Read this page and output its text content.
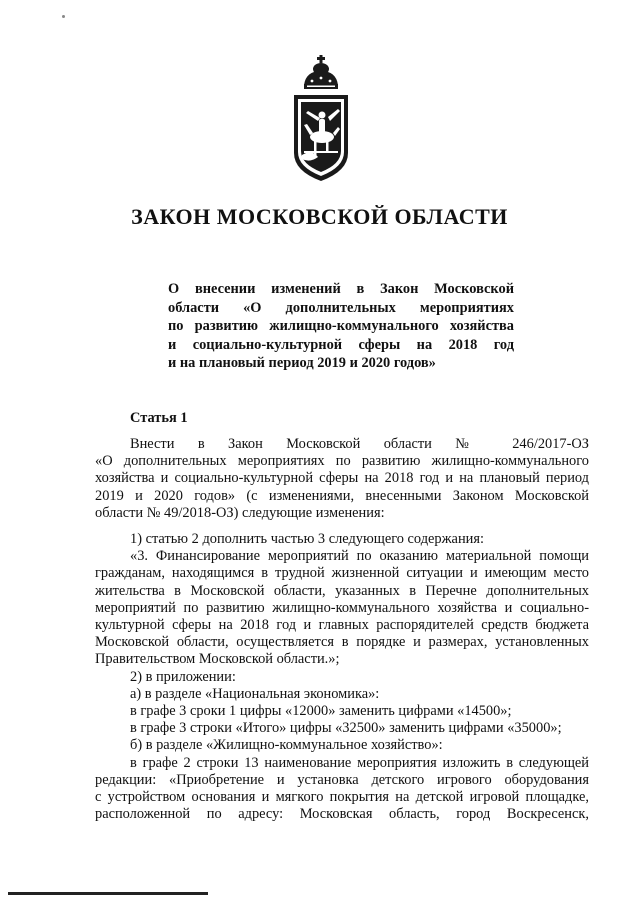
ЗАКОН МОСКОВСКОЙ ОБЛАСТИ
О внесении изменений в Закон Московской
области «О дополнительных мероприятиях
по развитию жилищно-коммунального хозяйства
и социально-культурной сферы на 2018 год
и на плановый период 2019 и 2020 годов»
Статья 1
Внести в Закон Московской области № 246/2017-ОЗ
«О дополнительных мероприятиях по развитию жилищно-коммунального
хозяйства и социально-культурной сферы на 2018 год и на плановый период
2019 и 2020 годов» (с изменениями, внесенными Законом Московской
области № 49/2018-ОЗ) следующие изменения:
1) статью 2 дополнить частью 3 следующего содержания:
«3. Финансирование мероприятий по оказанию материальной помощи
гражданам, находящимся в трудной жизненной ситуации и имеющим место
жительства в Московской области, указанных в Перечне дополнительных
мероприятий по развитию жилищно-коммунального хозяйства и социально-
культурной сферы на 2018 год и главных распорядителей средств бюджета
Московской области, осуществляется в порядке и размерах, установленных
Правительством Московской области.»;
2) в приложении:
а) в разделе «Национальная экономика»:
в графе 3 сроки 1 цифры «12000» заменить цифрами «14500»;
в графе 3 строки «Итого» цифры «32500» заменить цифрами «35000»;
б) в разделе «Жилищно-коммунальное хозяйство»:
в графе 2 строки 13 наименование мероприятия изложить в следующей
редакции: «Приобретение и установка детского игрового оборудования
с устройством основания и мягкого покрытия на детской игровой площадке,
расположенной по адресу: Московская область, город Воскресенск,
